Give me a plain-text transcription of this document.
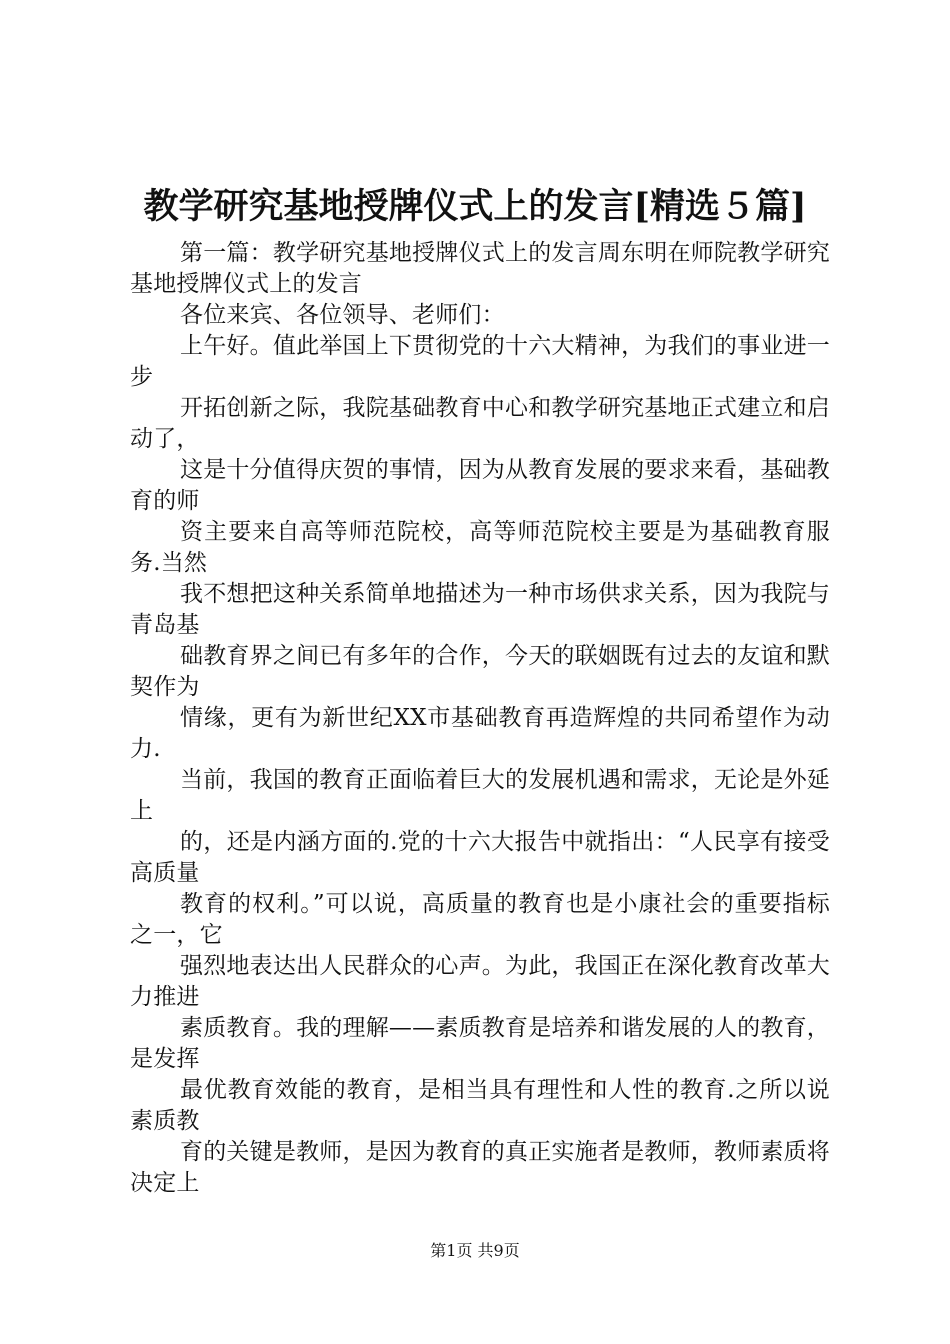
教学研究基地授牌仪式上的发言[精选５篇]

第一篇：教学研究基地授牌仪式上的发言周东明在师院教学研究基地授牌仪式上的发言

各位来宾、各位领导、老师们：

上午好。值此举国上下贯彻党的十六大精神，为我们的事业进一步

开拓创新之际，我院基础教育中心和教学研究基地正式建立和启动了，

这是十分值得庆贺的事情，因为从教育发展的要求来看，基础教育的师

资主要来自高等师范院校，高等师范院校主要是为基础教育服务.当然

我不想把这种关系简单地描述为一种市场供求关系，因为我院与青岛基

础教育界之间已有多年的合作，今天的联姻既有过去的友谊和默契作为

情缘，更有为新世纪XX市基础教育再造辉煌的共同希望作为动力.

当前，我国的教育正面临着巨大的发展机遇和需求，无论是外延上

的，还是内涵方面的.党的十六大报告中就指出：“人民享有接受高质量

教育的权利。”可以说，高质量的教育也是小康社会的重要指标之一，它

强烈地表达出人民群众的心声。为此，我国正在深化教育改革大力推进

素质教育。我的理解——素质教育是培养和谐发展的人的教育，是发挥

最优教育效能的教育，是相当具有理性和人性的教育.之所以说素质教

育的关键是教师，是因为教育的真正实施者是教师，教师素质将决定上

第1页 共9页
